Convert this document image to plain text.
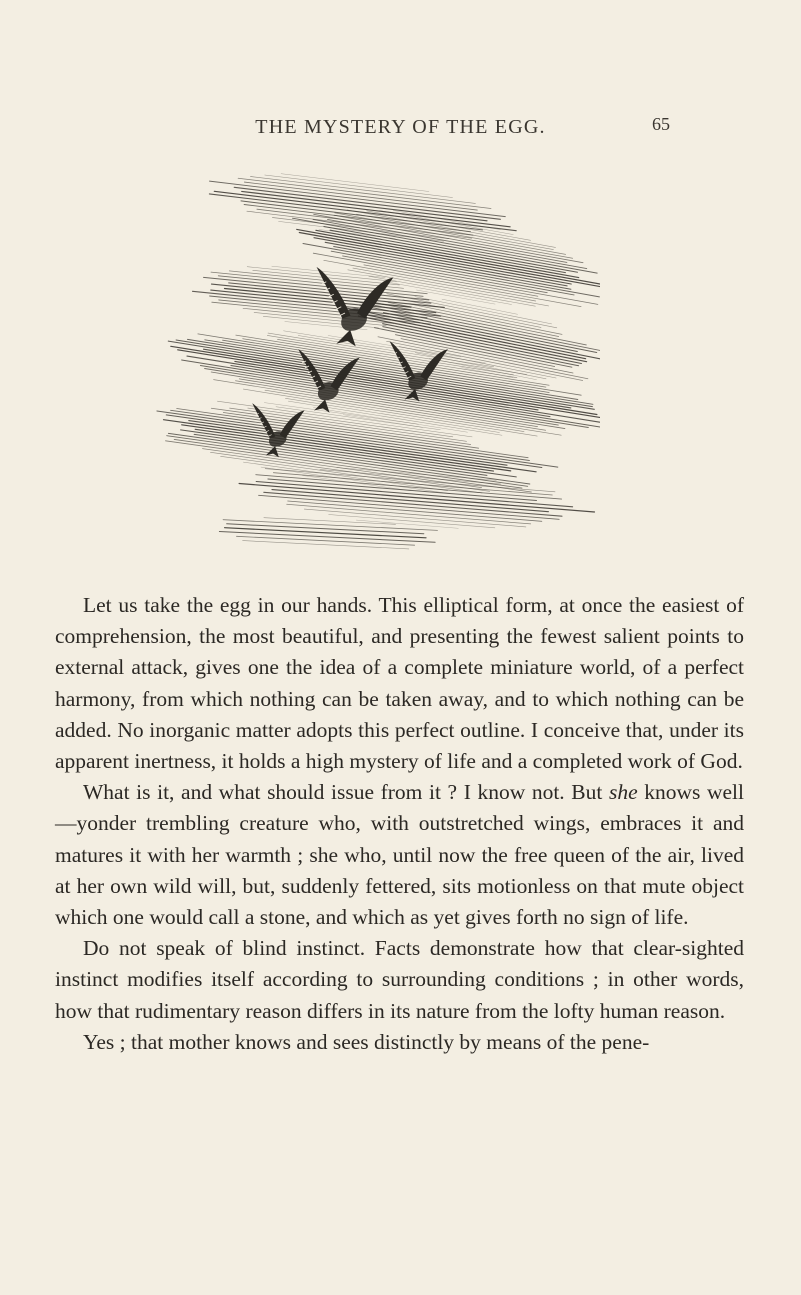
THE MYSTERY OF THE EGG.	65

Let us take the egg in our hands. This elliptical form, at once the easiest of comprehension, the most beautiful, and presenting the fewest salient points to external attack, gives one the idea of a complete miniature world, of a perfect harmony, from which nothing can be taken away, and to which nothing can be added. No inorganic matter adopts this perfect outline. I conceive that, under its apparent inertness, it holds a high mystery of life and a completed work of God.

What is it, and what should issue from it ? I know not. But she knows well—yonder trembling creature who, with outstretched wings, embraces it and matures it with her warmth ; she who, until now the free queen of the air, lived at her own wild will, but, suddenly fettered, sits motionless on that mute object which one would call a stone, and which as yet gives forth no sign of life.

Do not speak of blind instinct. Facts demonstrate how that clear-sighted instinct modifies itself according to surrounding conditions ; in other words, how that rudimentary reason differs in its nature from the lofty human reason.

Yes ; that mother knows and sees distinctly by means of the pene-
